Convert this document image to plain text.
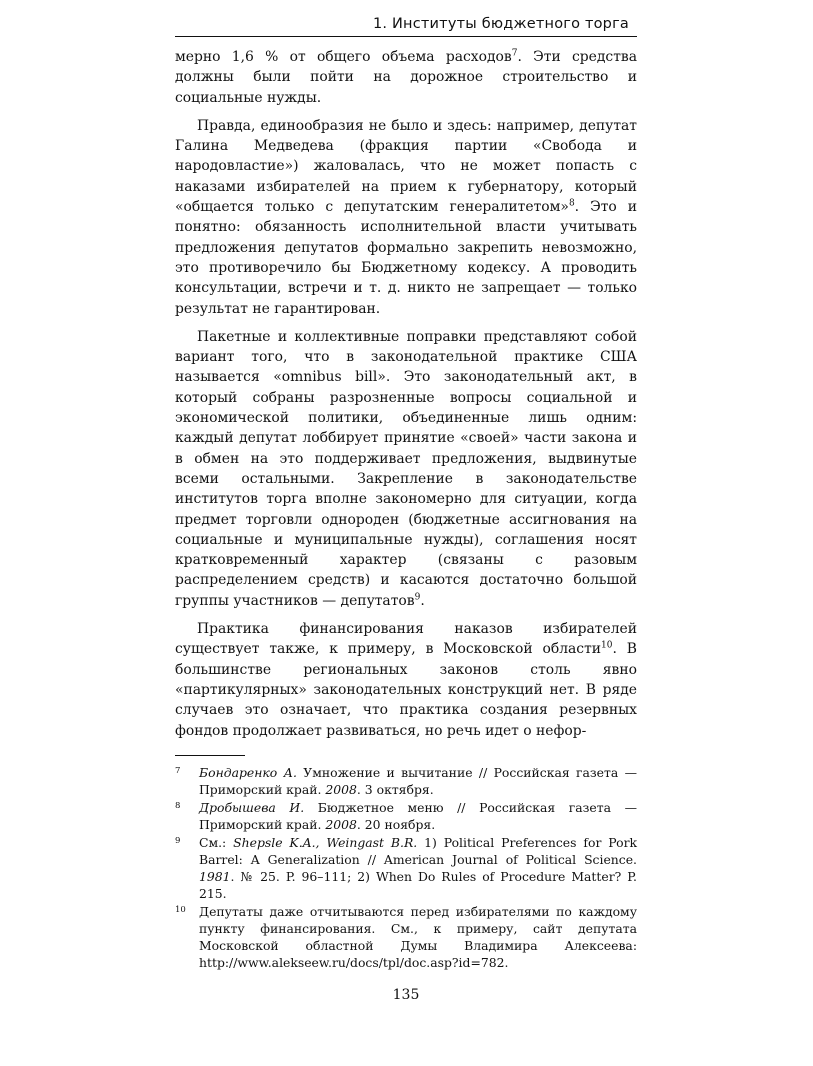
1. Институты бюджетного торга

мерно 1,6 % от общего объема расходов$^7$. Эти средства должны были пойти на дорожное строительство и социальные нужды.

Правда, единообразия не было и здесь: например, депутат Галина Медведева (фракция партии «Свобода и народовластие») жаловалась, что не может попасть с наказами избирателей на прием к губернатору, который «общается только с депутатским генералитетом»$^8$. Это и понятно: обязанность исполнительной власти учитывать предложения депутатов формально закрепить невозможно, это противоречило бы Бюджетному кодексу. А проводить консультации, встречи и т. д. никто не запрещает — только результат не гарантирован.

Пакетные и коллективные поправки представляют собой вариант того, что в законодательной практике США называется «omnibus bill». Это законодательный акт, в который собраны разрозненные вопросы социальной и экономической политики, объединенные лишь одним: каждый депутат лоббирует принятие «своей» части закона и в обмен на это поддерживает предложения, выдвинутые всеми остальными. Закрепление в законодательстве институтов торга вполне закономерно для ситуации, когда предмет торговли однороден (бюджетные ассигнования на социальные и муниципальные нужды), соглашения носят кратковременный характер (связаны с разовым распределением средств) и касаются достаточно большой группы участников — депутатов$^9$.

Практика финансирования наказов избирателей существует также, к примеру, в Московской области$^{10}$. В большинстве региональных законов столь явно «партикулярных» законодательных конструкций нет. В ряде случаев это означает, что практика создания резервных фондов продолжает развиваться, но речь идет о нефор-

7	Бондаренко А. Умножение и вычитание // Российская газета — Приморский край. 2008. 3 октября.
8	Дробышева И. Бюджетное меню // Российская газета — Приморский край. 2008. 20 ноября.
9	См.: Shepsle K.A., Weingast B.R. 1) Political Preferences for Pork Barrel: A Generalization // American Journal of Political Science. 1981. № 25. P. 96–111; 2) When Do Rules of Procedure Matter? P. 215.
10	Депутаты даже отчитываются перед избирателями по каждому пункту финансирования. См., к примеру, сайт депутата Московской областной Думы Владимира Алексеева: http://www.alekseew.ru/docs/tpl/doc.asp?id=782.
135
